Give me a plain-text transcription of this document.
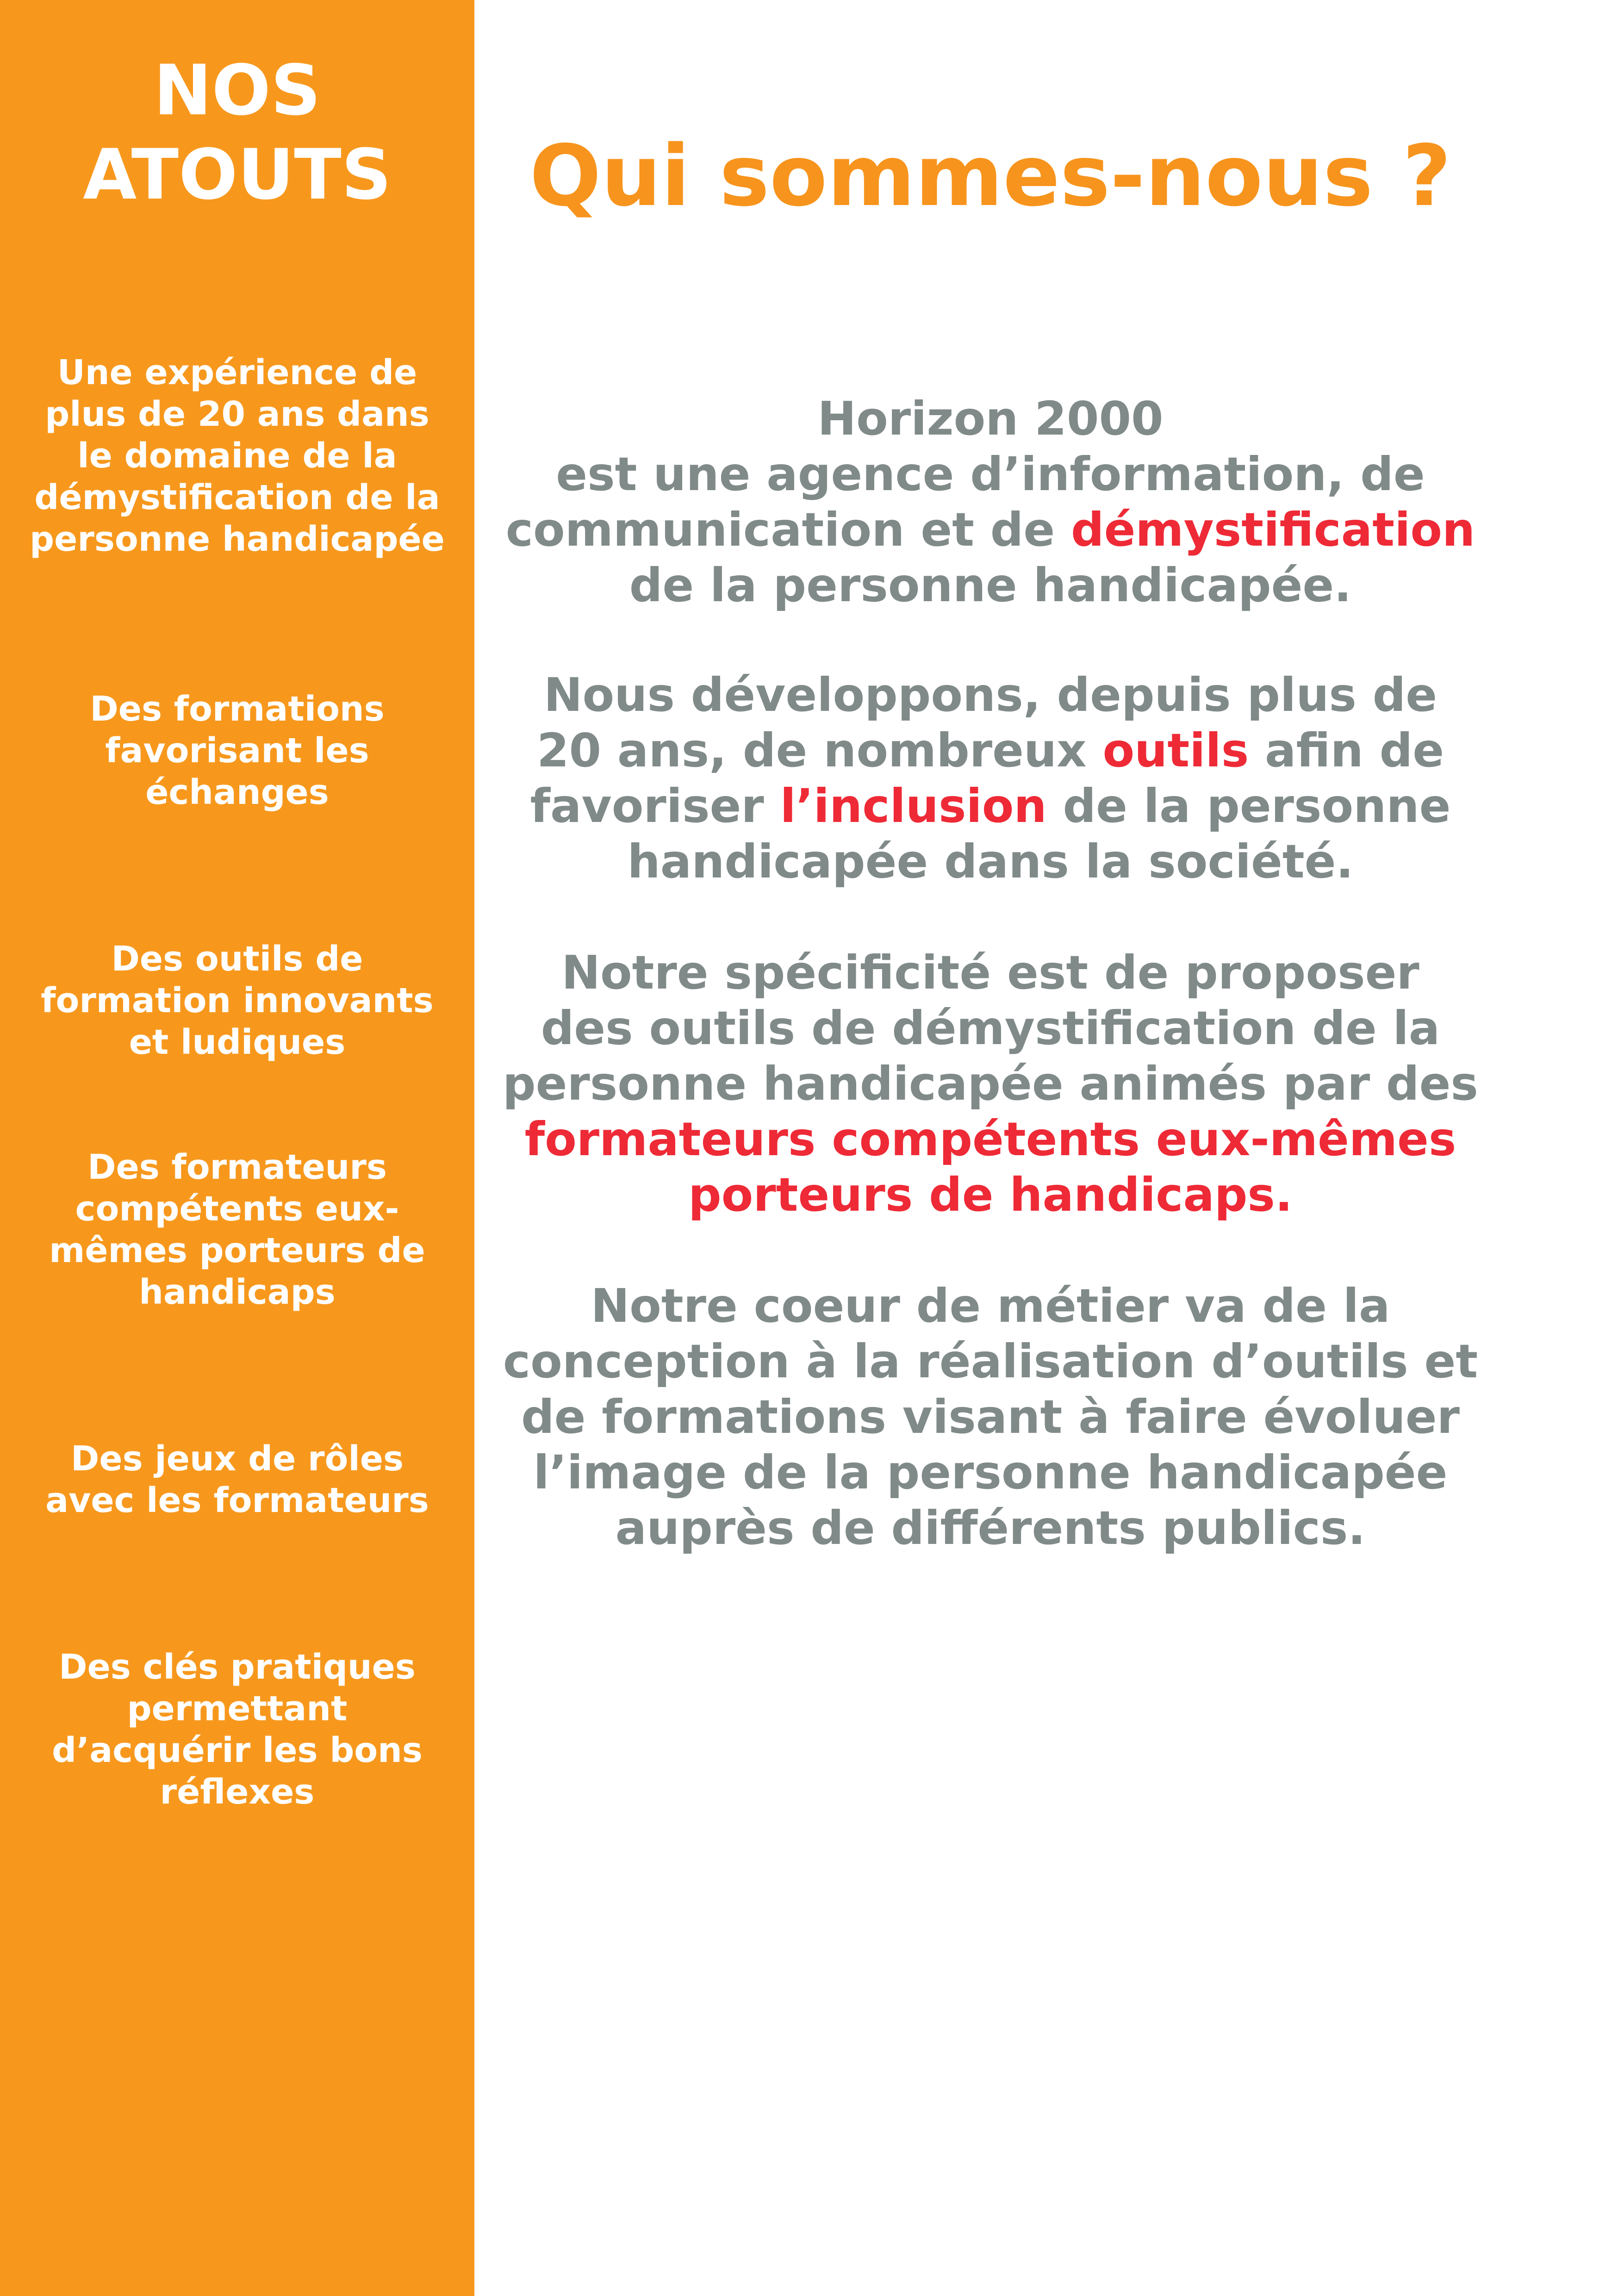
NOS
ATOUTS
Une expérience de
plus de 20 ans dans
le domaine de la
démystification de la
personne handicapée
Des formations
favorisant les
échanges
Des outils de
formation innovants
et ludiques
Des formateurs
compétents eux-
mêmes porteurs de
handicaps
Des jeux de rôles
avec les formateurs
Des clés pratiques
permettant
d’acquérir les bons
réflexes
Qui sommes-nous ?
Horizon 2000
est une agence d’information, de
communication et de démystification
de la personne handicapée.
Nous développons, depuis plus de
20 ans, de nombreux outils afin de
favoriser l’inclusion de la personne
handicapée dans la société.
Notre spécificité est de proposer
des outils de démystification de la
personne handicapée animés par des
formateurs compétents eux-mêmes
porteurs de handicaps.
Notre coeur de métier va de la
conception à la réalisation d’outils et
de formations visant à faire évoluer
l’image de la personne handicapée
auprès de différents publics.
